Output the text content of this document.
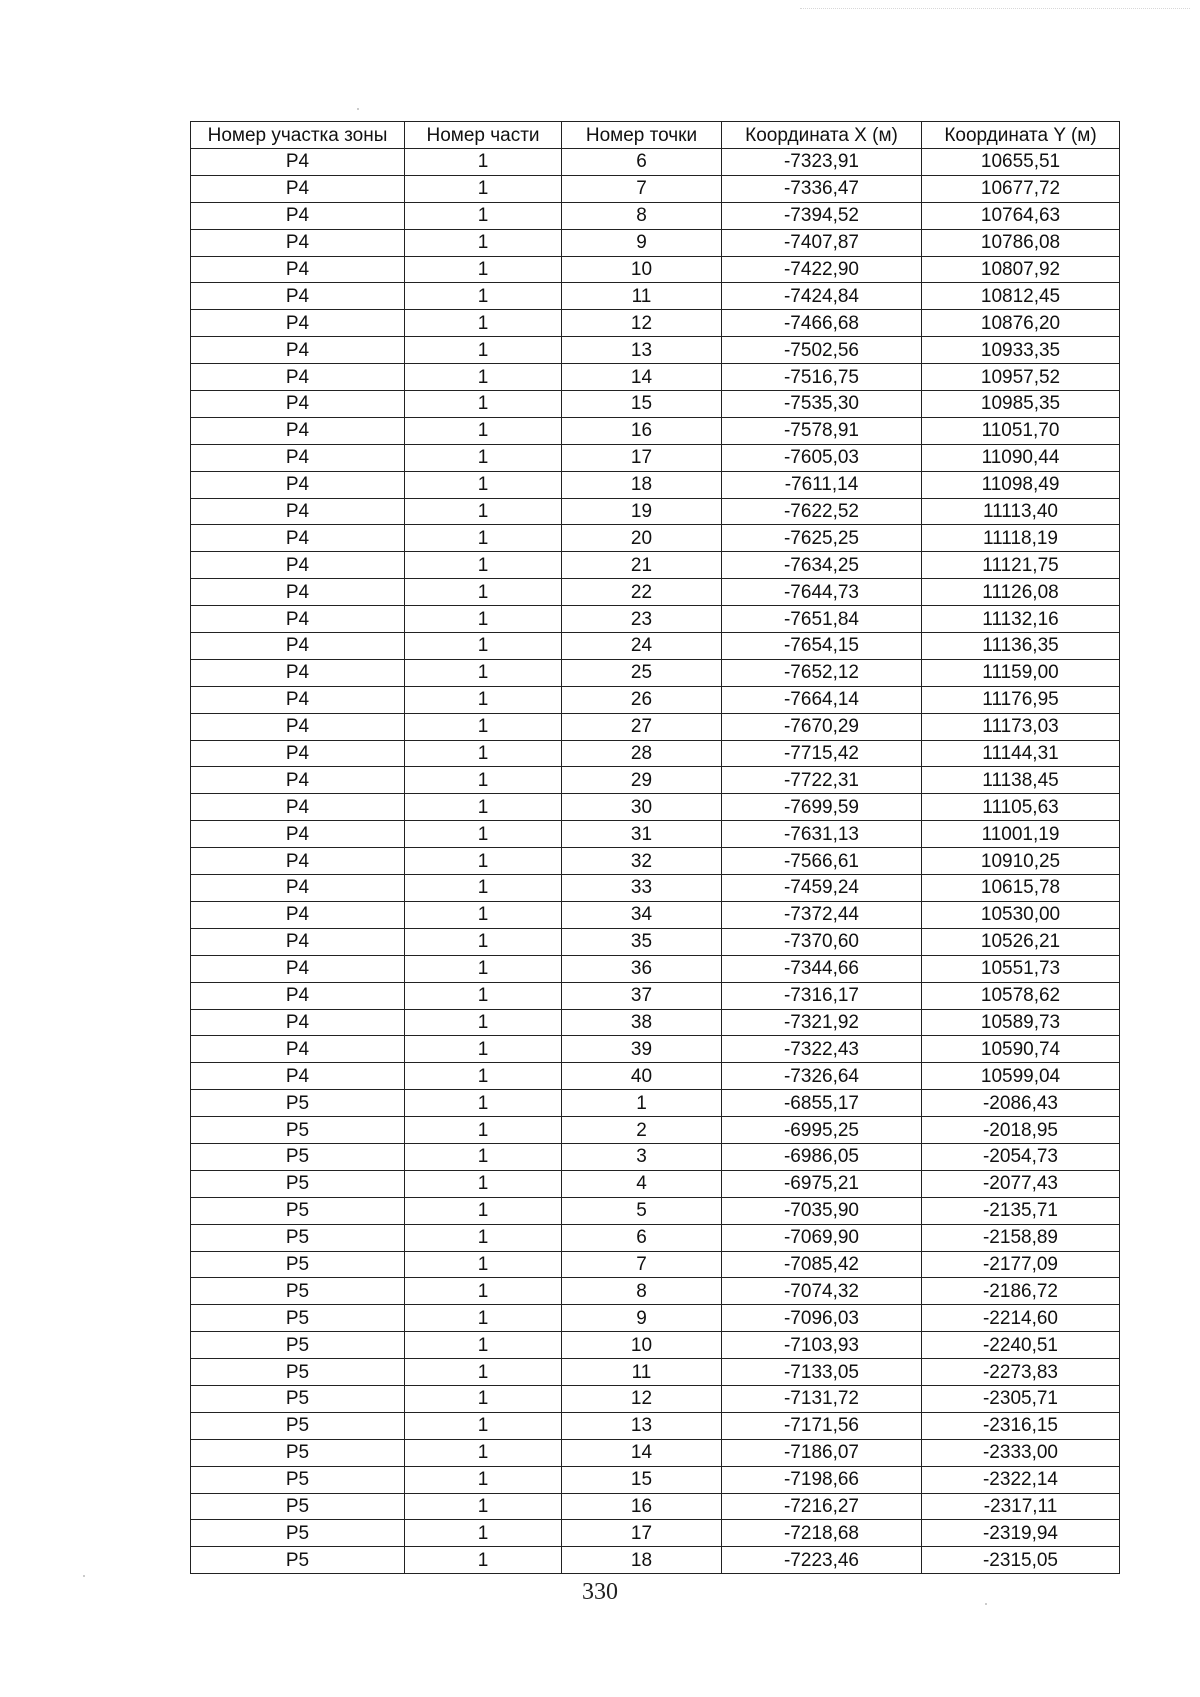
Номер участка зоны	Номер части	Номер точки	Координата X (м)	Координата Y (м)
Р4	1	6	-7323,91	10655,51
Р4	1	7	-7336,47	10677,72
Р4	1	8	-7394,52	10764,63
Р4	1	9	-7407,87	10786,08
Р4	1	10	-7422,90	10807,92
Р4	1	11	-7424,84	10812,45
Р4	1	12	-7466,68	10876,20
Р4	1	13	-7502,56	10933,35
Р4	1	14	-7516,75	10957,52
Р4	1	15	-7535,30	10985,35
Р4	1	16	-7578,91	11051,70
Р4	1	17	-7605,03	11090,44
Р4	1	18	-7611,14	11098,49
Р4	1	19	-7622,52	11113,40
Р4	1	20	-7625,25	11118,19
Р4	1	21	-7634,25	11121,75
Р4	1	22	-7644,73	11126,08
Р4	1	23	-7651,84	11132,16
Р4	1	24	-7654,15	11136,35
Р4	1	25	-7652,12	11159,00
Р4	1	26	-7664,14	11176,95
Р4	1	27	-7670,29	11173,03
Р4	1	28	-7715,42	11144,31
Р4	1	29	-7722,31	11138,45
Р4	1	30	-7699,59	11105,63
Р4	1	31	-7631,13	11001,19
Р4	1	32	-7566,61	10910,25
Р4	1	33	-7459,24	10615,78
Р4	1	34	-7372,44	10530,00
Р4	1	35	-7370,60	10526,21
Р4	1	36	-7344,66	10551,73
Р4	1	37	-7316,17	10578,62
Р4	1	38	-7321,92	10589,73
Р4	1	39	-7322,43	10590,74
Р4	1	40	-7326,64	10599,04
Р5	1	1	-6855,17	-2086,43
Р5	1	2	-6995,25	-2018,95
Р5	1	3	-6986,05	-2054,73
Р5	1	4	-6975,21	-2077,43
Р5	1	5	-7035,90	-2135,71
Р5	1	6	-7069,90	-2158,89
Р5	1	7	-7085,42	-2177,09
Р5	1	8	-7074,32	-2186,72
Р5	1	9	-7096,03	-2214,60
Р5	1	10	-7103,93	-2240,51
Р5	1	11	-7133,05	-2273,83
Р5	1	12	-7131,72	-2305,71
Р5	1	13	-7171,56	-2316,15
Р5	1	14	-7186,07	-2333,00
Р5	1	15	-7198,66	-2322,14
Р5	1	16	-7216,27	-2317,11
Р5	1	17	-7218,68	-2319,94
Р5	1	18	-7223,46	-2315,05
330
